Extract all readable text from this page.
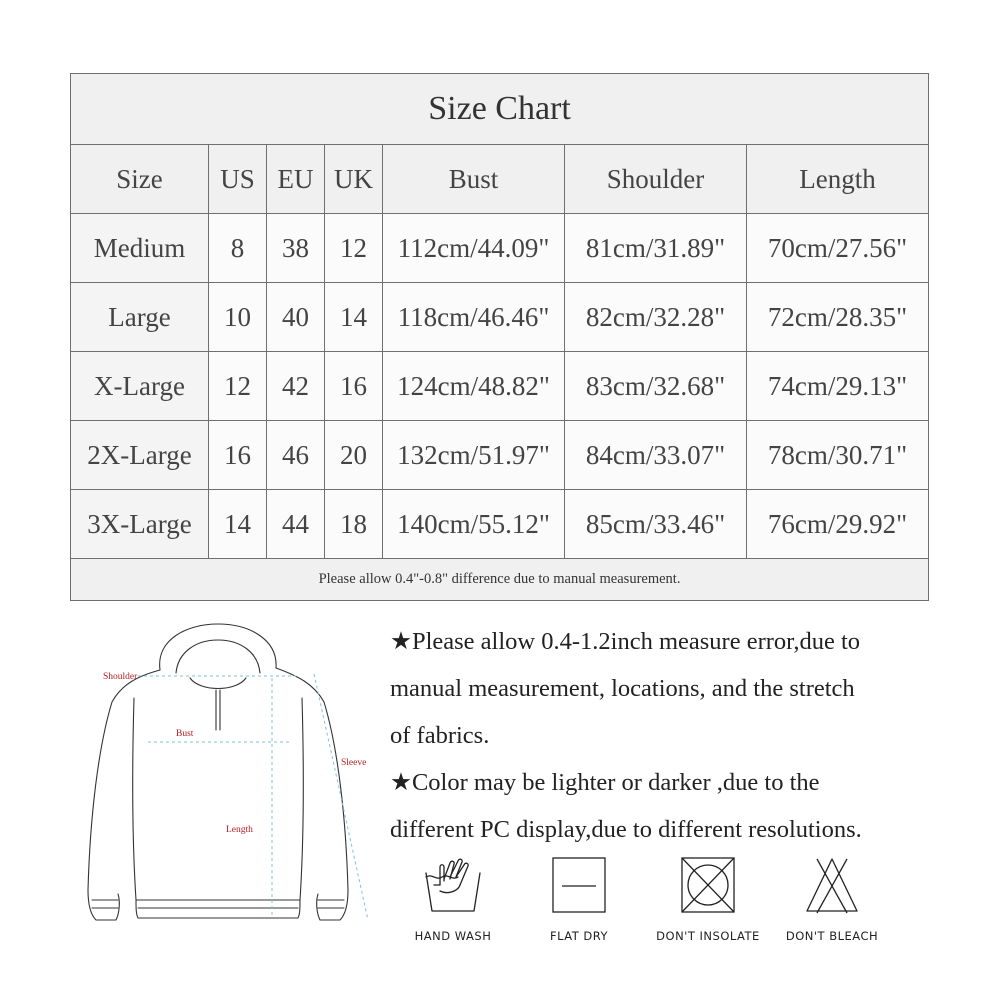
Size Chart						
Size	US	EU	UK	Bust	Shoulder	Length
Medium	8	38	12	112cm/44.09"	81cm/31.89"	70cm/27.56"
Large	10	40	14	118cm/46.46"	82cm/32.28"	72cm/28.35"
X-Large	12	42	16	124cm/48.82"	83cm/32.68"	74cm/29.13"
2X-Large	16	46	20	132cm/51.97"	84cm/33.07"	78cm/30.71"
3X-Large	14	44	18	140cm/55.12"	85cm/33.46"	76cm/29.92"
Please allow 0.4"-0.8" difference due to manual measurement.						
Shoulder
Bust
Sleeve
Length

★Please allow 0.4-1.2inch measure error,due to

manual measurement, locations, and the stretch

of fabrics.

★Color may be lighter or darker ,due to the

different PC display,due to different resolutions.

HAND WASH	FLAT DRY	DON'T INSOLATE	DON'T BLEACH
